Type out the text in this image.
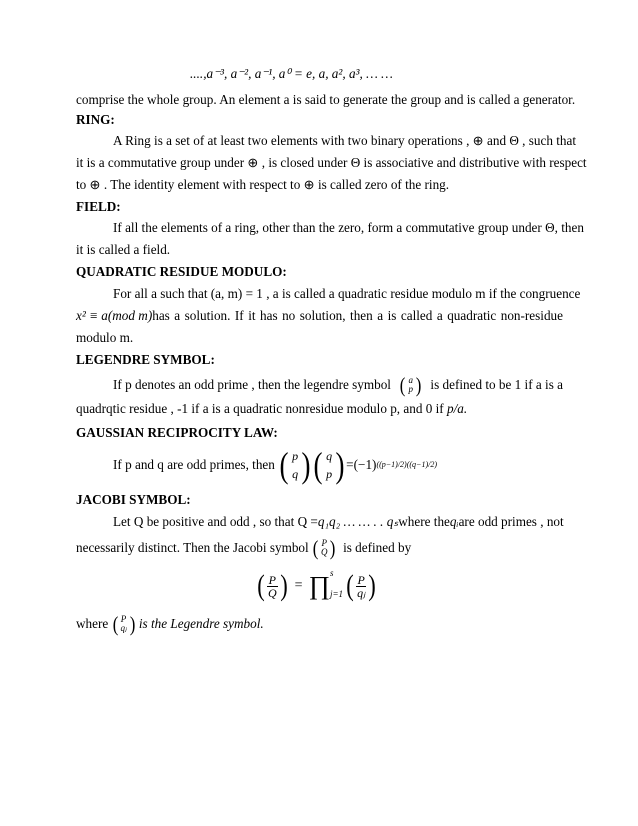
....,a⁻³, a⁻², a⁻¹, a⁰ = e, a, a², a³, … …
comprise the whole group. An element a is said to generate the group and is called a generator.
RING:
A Ring is a set of at least two elements with two binary operations , ⊕ and Θ , such that
it is a commutative group under ⊕ , is closed under Θ is associative and distributive with respect
to ⊕ . The identity element with respect to ⊕ is called zero of the ring.
FIELD:
If all the elements of a ring, other than the zero, form a commutative group under Θ, then
it is called a field.
QUADRATIC RESIDUE MODULO:
For all a such that (a, m) = 1 , a is called a quadratic residue modulo m if the congruence
x² ≡ a(mod m) has a solution. If it has no solution, then a is called a quadratic non-residue
modulo m.
LEGENDRE SYMBOL:
If p denotes an odd prime , then the legendre symbol ( a
p ) is defined to be 1 if a is a
quadrqtic residue , -1 if a is a quadratic nonresidue modulo p, and 0 if p/a.
GAUSSIAN RECIPROCITY LAW:
If p and q are odd primes, then
( p
q ) ( q
p ) =(−1) ((p−1)/2)((q−1)/2)
JACOBI SYMBOL:
Let Q be positive and odd , so that Q = q₁q₂ … … . . qₛ where the qᵢ are odd primes , not
necessarily distinct. Then the Jacobi symbol
( P
Q )
is defined by
( $\frac{P}{Q}$ ) = ∏ s
j=1 ( $\frac{P}{\text{qⱼ}}$ )
where
( P
qⱼ )
is the Legendre symbol.
